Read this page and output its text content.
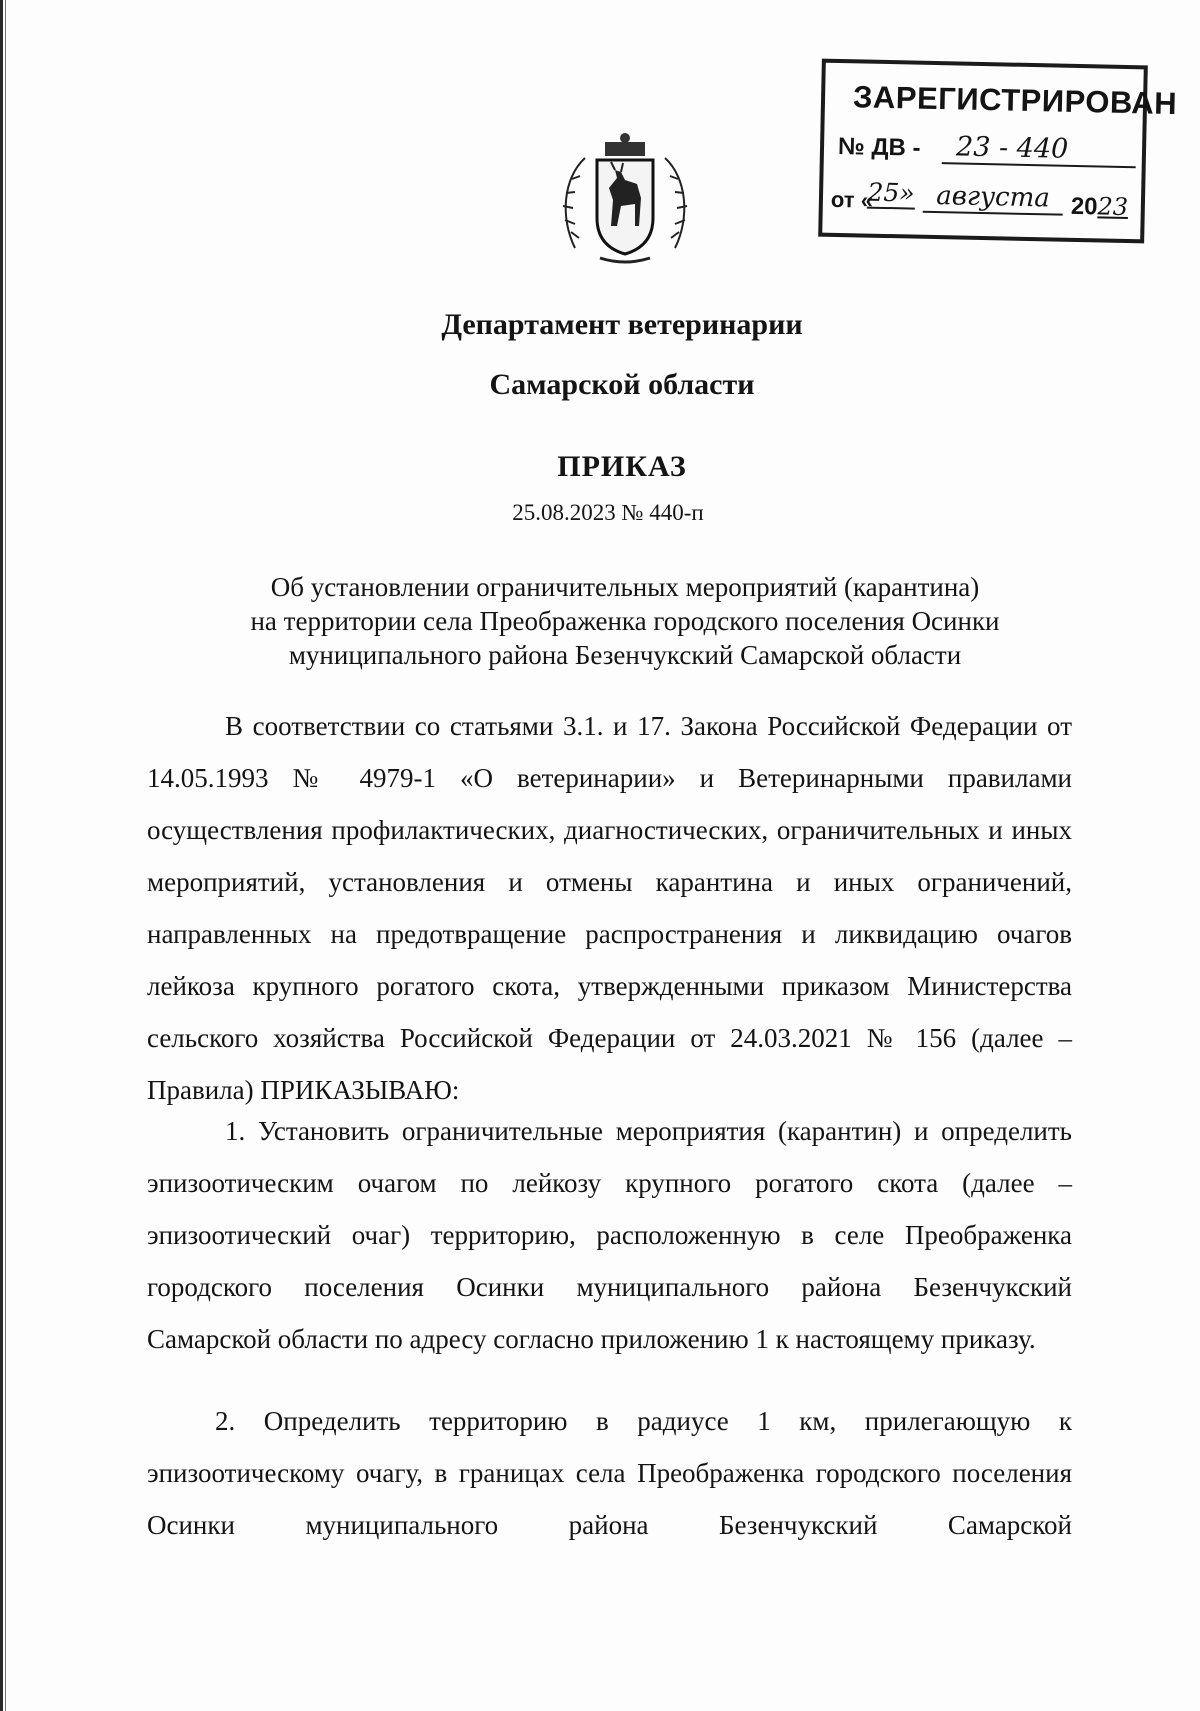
ЗАРЕГИСТРИРОВАН
№ ДВ -	23 - 440
от «
25» августа 2023
Департамент ветеринарии
Самарской области
ПРИКАЗ
25.08.2023 № 440-п
Об установлении ограничительных мероприятий (карантина)
на территории села Преображенка городского поселения Осинки
муниципального района Безенчукский Самарской области
В соответствии со статьями 3.1. и 17. Закона Российской Федерации от 14.05.1993 № 4979-1 «О ветеринарии» и Ветеринарными правилами осуществления профилактических, диагностических, ограничительных и иных мероприятий, установления и отмены карантина и иных ограничений, направленных на предотвращение распространения и ликвидацию очагов лейкоза крупного рогатого скота, утвержденными приказом Министерства сельского хозяйства Российской Федерации от 24.03.2021 № 156 (далее – Правила) ПРИКАЗЫВАЮ:
1. Установить ограничительные мероприятия (карантин) и определить эпизоотическим очагом по лейкозу крупного рогатого скота (далее – эпизоотический очаг) территорию, расположенную в селе Преображенка городского поселения Осинки муниципального района Безенчукский Самарской области по адресу согласно приложению 1 к настоящему приказу.
2. Определить территорию в радиусе 1 км, прилегающую к эпизоотическому очагу, в границах села Преображенка городского поселения Осинки муниципального района Безенчукский Самарской
